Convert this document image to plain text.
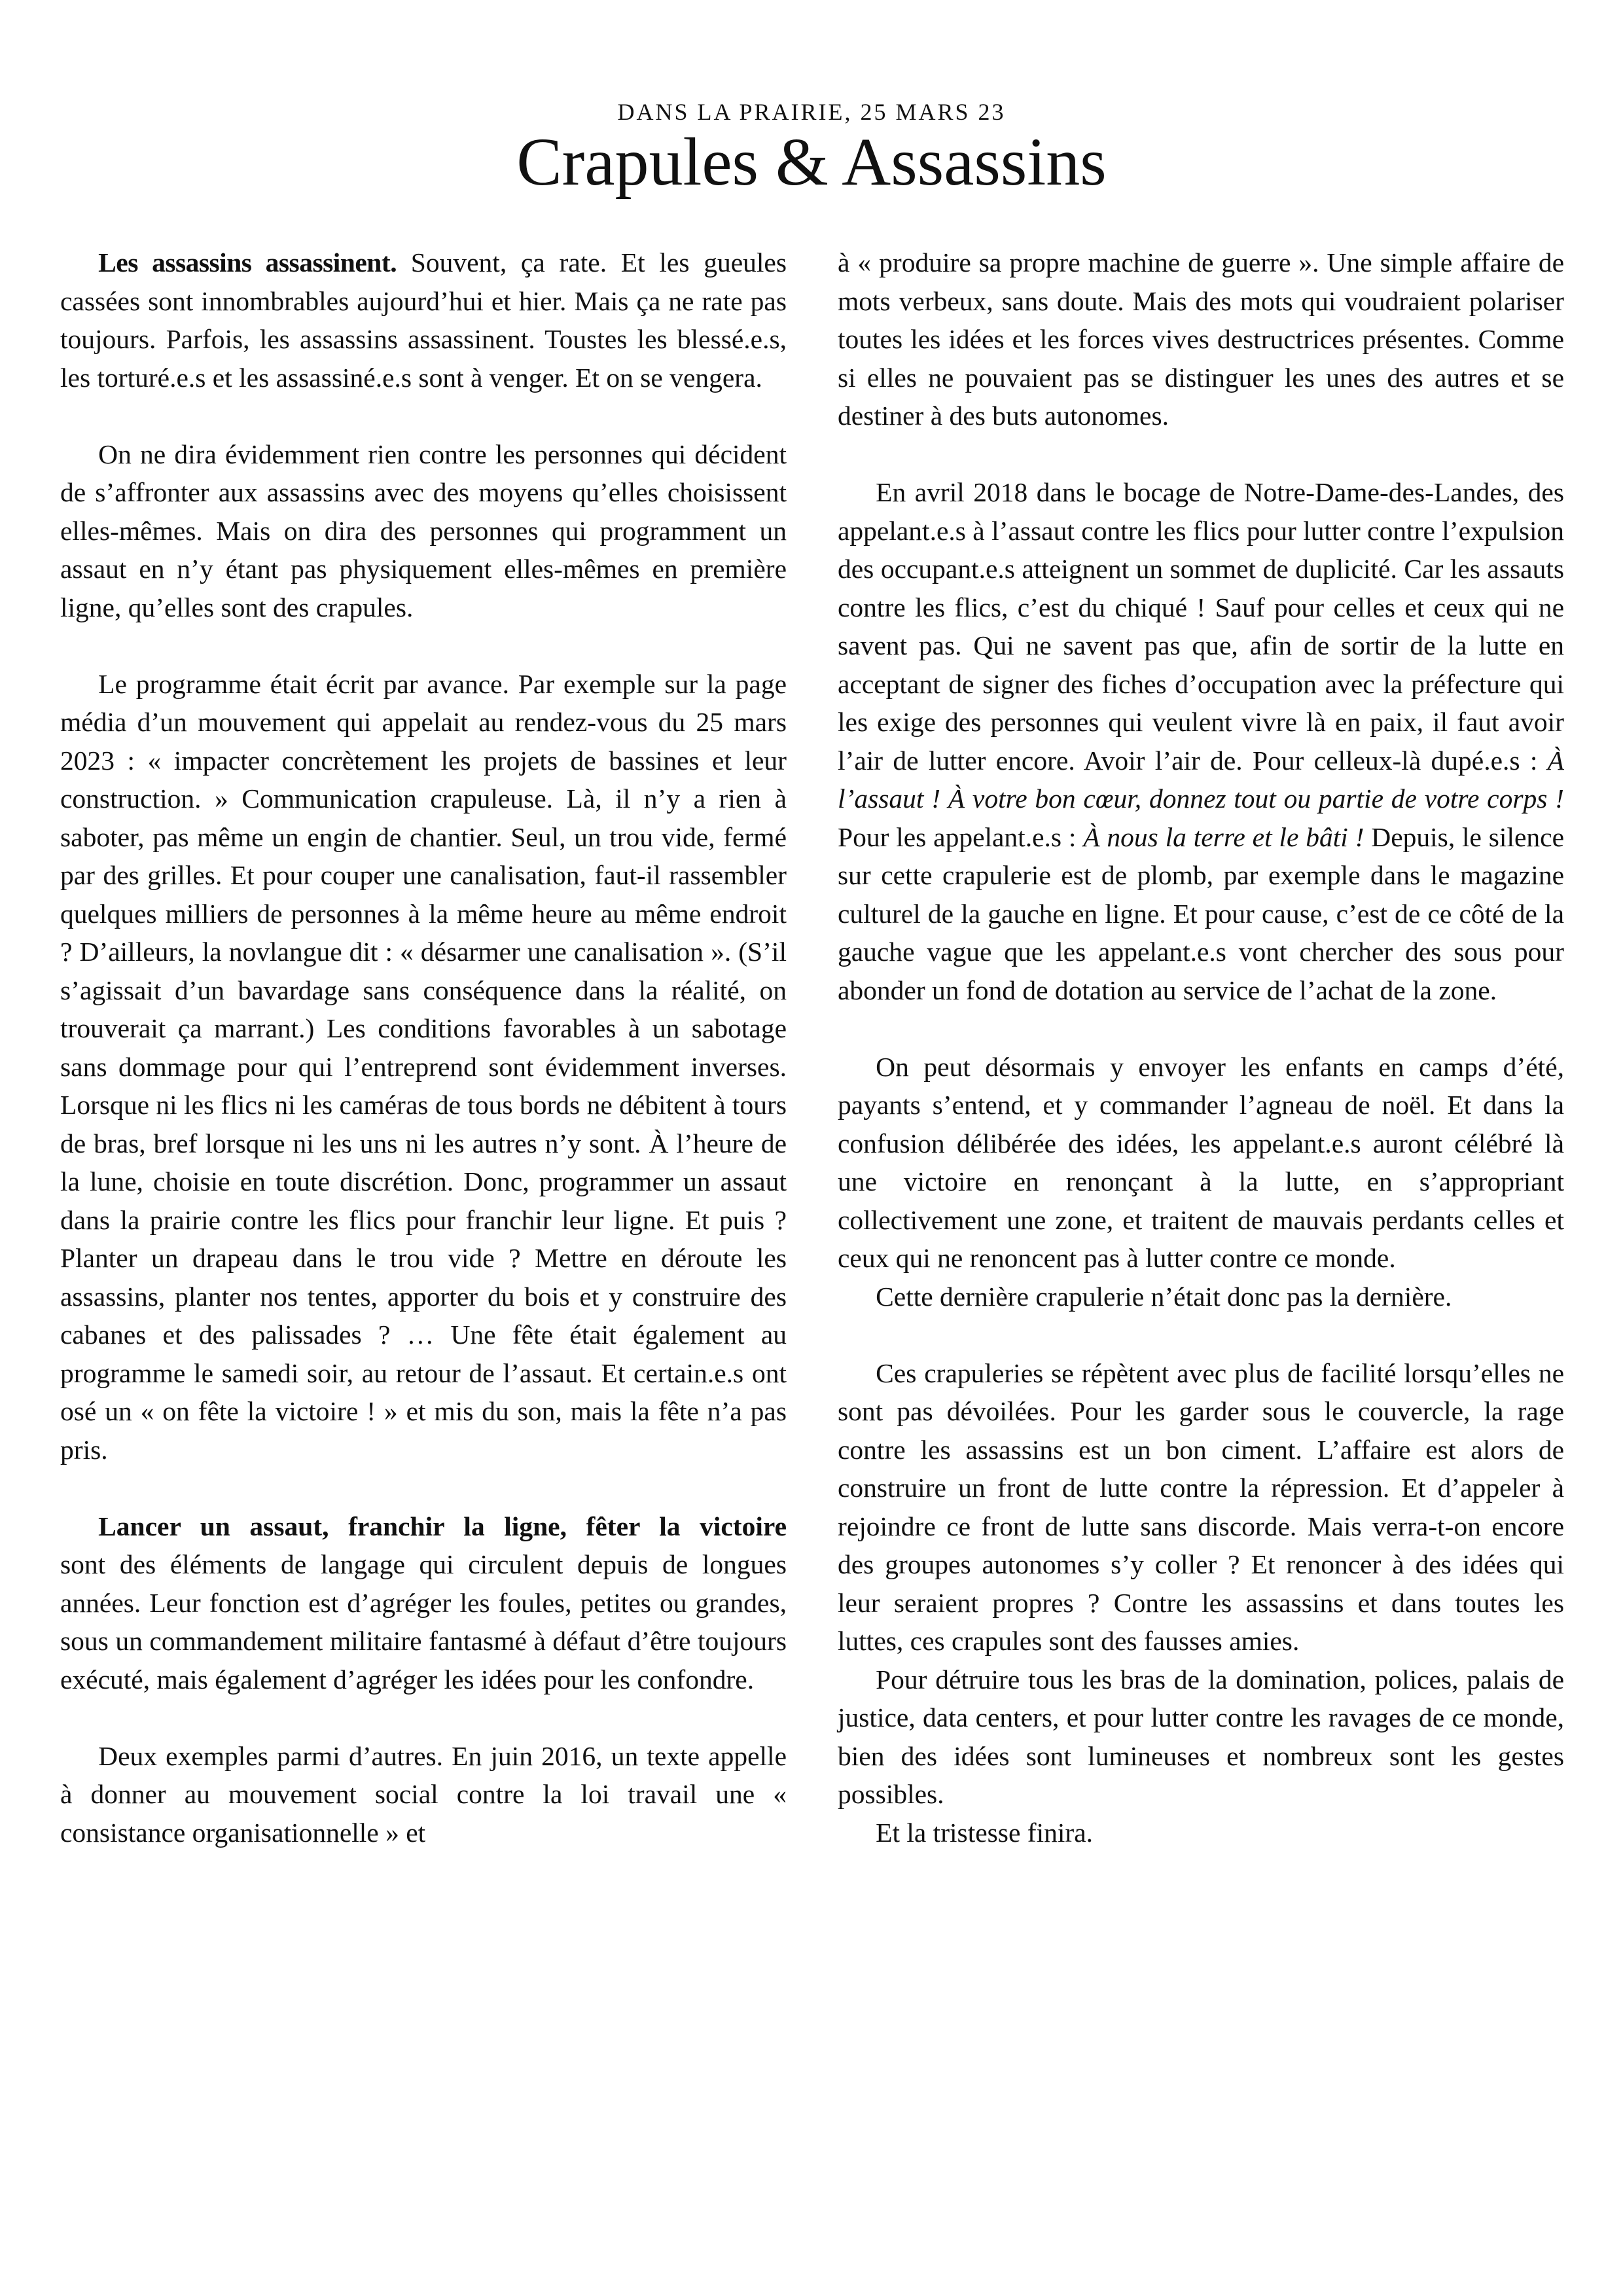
DANS LA PRAIRIE, 25 MARS 23
Crapules & Assassins

Les assassins assassinent. Souvent, ça rate. Et les gueules cassées sont innombrables aujourd’hui et hier. Mais ça ne rate pas toujours. Parfois, les assassins assassinent. Toustes les blessé.e.s, les torturé.e.s et les assassiné.e.s sont à venger. Et on se vengera.

On ne dira évidemment rien contre les personnes qui décident de s’affronter aux assassins avec des moyens qu’elles choisissent elles-mêmes. Mais on dira des personnes qui programment un assaut en n’y étant pas physiquement elles-mêmes en première ligne, qu’elles sont des crapules.

Le programme était écrit par avance. Par exemple sur la page média d’un mouvement qui appelait au rendez-vous du 25 mars 2023 : « impacter concrètement les projets de bassines et leur construction. » Communication crapuleuse. Là, il n’y a rien à saboter, pas même un engin de chantier. Seul, un trou vide, fermé par des grilles. Et pour couper une canalisation, faut-il rassembler quelques milliers de personnes à la même heure au même endroit ? D’ailleurs, la novlangue dit : « désarmer une canalisation ». (S’il s’agissait d’un bavardage sans conséquence dans la réalité, on trouverait ça marrant.) Les conditions favorables à un sabotage sans dommage pour qui l’entreprend sont évidemment inverses. Lorsque ni les flics ni les caméras de tous bords ne débitent à tours de bras, bref lorsque ni les uns ni les autres n’y sont. À l’heure de la lune, choisie en toute discrétion. Donc, programmer un assaut dans la prairie contre les flics pour franchir leur ligne. Et puis ? Planter un drapeau dans le trou vide ? Mettre en déroute les assassins, planter nos tentes, apporter du bois et y construire des cabanes et des palissades ? … Une fête était également au programme le samedi soir, au retour de l’assaut. Et certain.e.s ont osé un « on fête la victoire ! » et mis du son, mais la fête n’a pas pris.

Lancer un assaut, franchir la ligne, fêter la victoire
sont des éléments de langage qui circulent depuis de longues années. Leur fonction est d’agréger les foules, petites ou grandes, sous un commandement militaire fantasmé à défaut d’être toujours exécuté, mais également d’agréger les idées pour les confondre.

Deux exemples parmi d’autres. En juin 2016, un texte appelle à donner au mouvement social contre la loi travail une « consistance organisationnelle » et

à « produire sa propre machine de guerre ». Une simple affaire de mots verbeux, sans doute. Mais des mots qui voudraient polariser toutes les idées et les forces vives destructrices présentes. Comme si elles ne pouvaient pas se distinguer les unes des autres et se destiner à des buts autonomes.

En avril 2018 dans le bocage de Notre-Dame-des-Landes, des appelant.e.s à l’assaut contre les flics pour lutter contre l’expulsion des occupant.e.s atteignent un sommet de duplicité. Car les assauts contre les flics, c’est du chiqué ! Sauf pour celles et ceux qui ne savent pas. Qui ne savent pas que, afin de sortir de la lutte en acceptant de signer des fiches d’occupation avec la préfecture qui les exige des personnes qui veulent vivre là en paix, il faut avoir l’air de lutter encore. Avoir l’air de. Pour celleux-là dupé.e.s : À l’assaut ! À votre bon cœur, donnez tout ou partie de votre corps ! Pour les appelant.e.s : À nous la terre et le bâti ! Depuis, le silence sur cette crapulerie est de plomb, par exemple dans le magazine culturel de la gauche en ligne. Et pour cause, c’est de ce côté de la gauche vague que les appelant.e.s vont chercher des sous pour abonder un fond de dotation au service de l’achat de la zone.

On peut désormais y envoyer les enfants en camps d’été, payants s’entend, et y commander l’agneau de noël. Et dans la confusion délibérée des idées, les appelant.e.s auront célébré là une victoire en renonçant à la lutte, en s’appropriant collectivement une zone, et traitent de mauvais perdants celles et ceux qui ne renoncent pas à lutter contre ce monde.

Cette dernière crapulerie n’était donc pas la dernière.

Ces crapuleries se répètent avec plus de facilité lorsqu’elles ne sont pas dévoilées. Pour les garder sous le couvercle, la rage contre les assassins est un bon ciment. L’affaire est alors de construire un front de lutte contre la répression. Et d’appeler à rejoindre ce front de lutte sans discorde. Mais verra-t-on encore des groupes autonomes s’y coller ? Et renoncer à des idées qui leur seraient propres ? Contre les assassins et dans toutes les luttes, ces crapules sont des fausses amies.

Pour détruire tous les bras de la domination, polices, palais de justice, data centers, et pour lutter contre les ravages de ce monde, bien des idées sont lumineuses et nombreux sont les gestes possibles.

Et la tristesse finira.
